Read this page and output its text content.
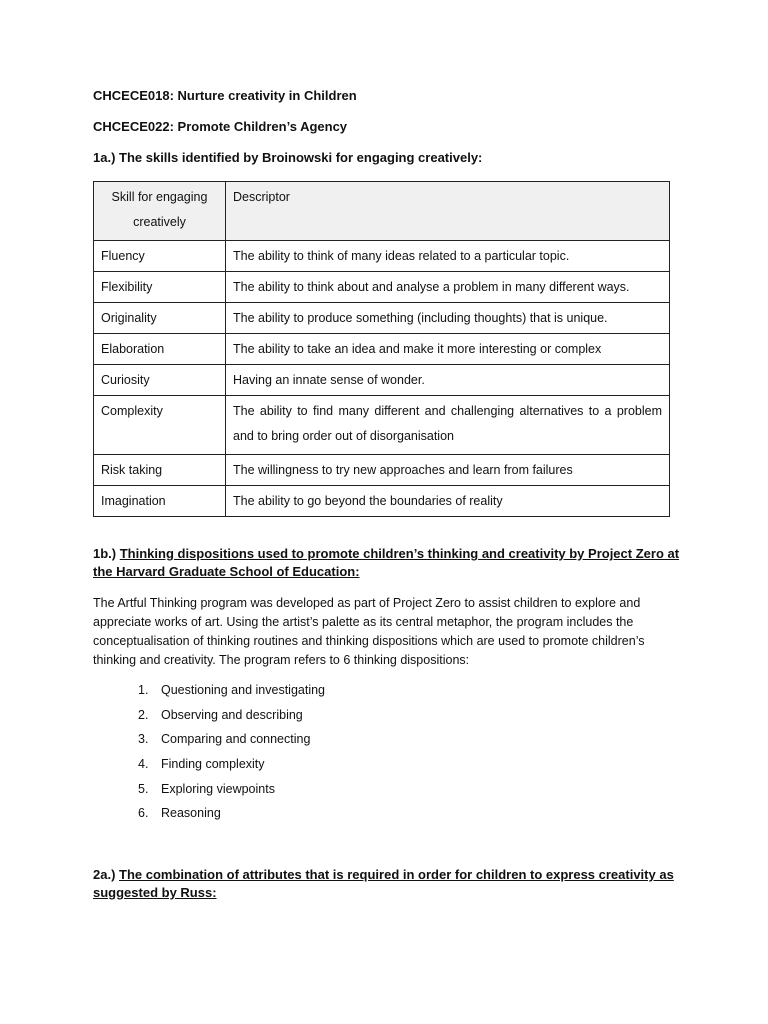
CHCECE018: Nurture creativity in Children
CHCECE022: Promote Children’s Agency
1a.) The skills identified by Broinowski for engaging creatively:
Skill for engaging creatively	Descriptor
Fluency	The ability to think of many ideas related to a particular topic.
Flexibility	The ability to think about and analyse a problem in many different ways.
Originality	The ability to produce something (including thoughts) that is unique.
Elaboration	The ability to take an idea and make it more interesting or complex
Curiosity	Having an innate sense of wonder.
Complexity	The ability to find many different and challenging alternatives to a problem and to bring order out of disorganisation
Risk taking	The willingness to try new approaches and learn from failures
Imagination	The ability to go beyond the boundaries of reality
1b.) Thinking dispositions used to promote children’s thinking and creativity by Project Zero at the Harvard Graduate School of Education:
The Artful Thinking program was developed as part of Project Zero to assist children to explore and appreciate works of art. Using the artist’s palette as its central metaphor, the program includes the conceptualisation of thinking routines and thinking dispositions which are used to promote children’s thinking and creativity. The program refers to 6 thinking dispositions:
1. Questioning and investigating
2. Observing and describing
3. Comparing and connecting
4. Finding complexity
5. Exploring viewpoints
6. Reasoning
2a.) The combination of attributes that is required in order for children to express creativity as suggested by Russ:
